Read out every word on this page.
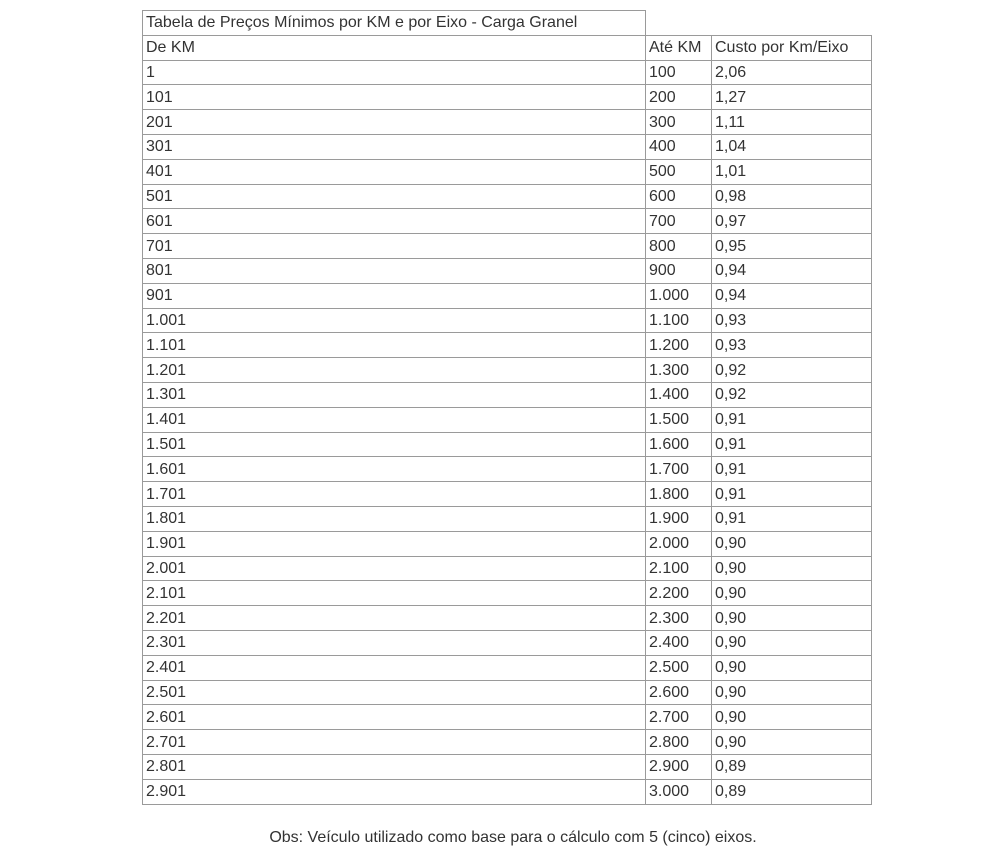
Tabela de Preços Mínimos por KM e por Eixo - Carga Granel		
De KM	Até KM	Custo por Km/Eixo
1	100	2,06
101	200	1,27
201	300	1,11
301	400	1,04
401	500	1,01
501	600	0,98
601	700	0,97
701	800	0,95
801	900	0,94
901	1.000	0,94
1.001	1.100	0,93
1.101	1.200	0,93
1.201	1.300	0,92
1.301	1.400	0,92
1.401	1.500	0,91
1.501	1.600	0,91
1.601	1.700	0,91
1.701	1.800	0,91
1.801	1.900	0,91
1.901	2.000	0,90
2.001	2.100	0,90
2.101	2.200	0,90
2.201	2.300	0,90
2.301	2.400	0,90
2.401	2.500	0,90
2.501	2.600	0,90
2.601	2.700	0,90
2.701	2.800	0,90
2.801	2.900	0,89
2.901	3.000	0,89
Obs: Veículo utilizado como base para o cálculo com 5 (cinco) eixos.
